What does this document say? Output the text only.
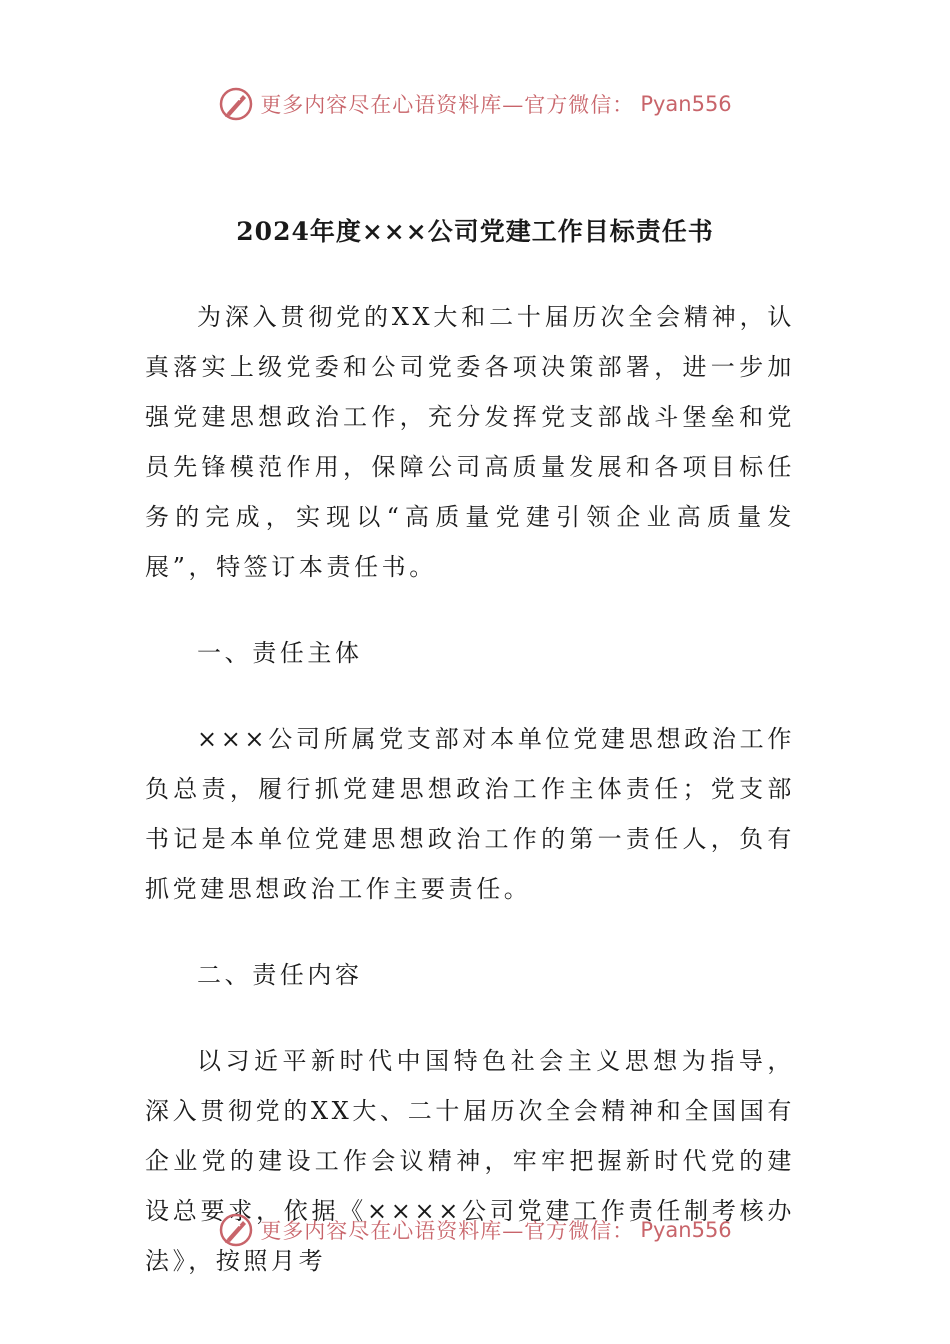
更多内容尽在心语资料库—官方微信： Pyan556
2024年度×××公司党建工作目标责任书

为深入贯彻党的XX大和二十届历次全会精神，认真落实上级党委和公司党委各项决策部署，进一步加强党建思想政治工作，充分发挥党支部战斗堡垒和党员先锋模范作用，保障公司高质量发展和各项目标任务的完成，实现以“高质量党建引领企业高质量发展”，特签订本责任书。

一、责任主体

×××公司所属党支部对本单位党建思想政治工作负总责，履行抓党建思想政治工作主体责任；党支部书记是本单位党建思想政治工作的第一责任人，负有抓党建思想政治工作主要责任。

二、责任内容

以习近平新时代中国特色社会主义思想为指导，深入贯彻党的XX大、二十届历次全会精神和全国国有企业党的建设工作会议精神，牢牢把握新时代党的建设总要求，依据《××××公司党建工作责任制考核办法》，按照月考

更多内容尽在心语资料库—官方微信： Pyan556
